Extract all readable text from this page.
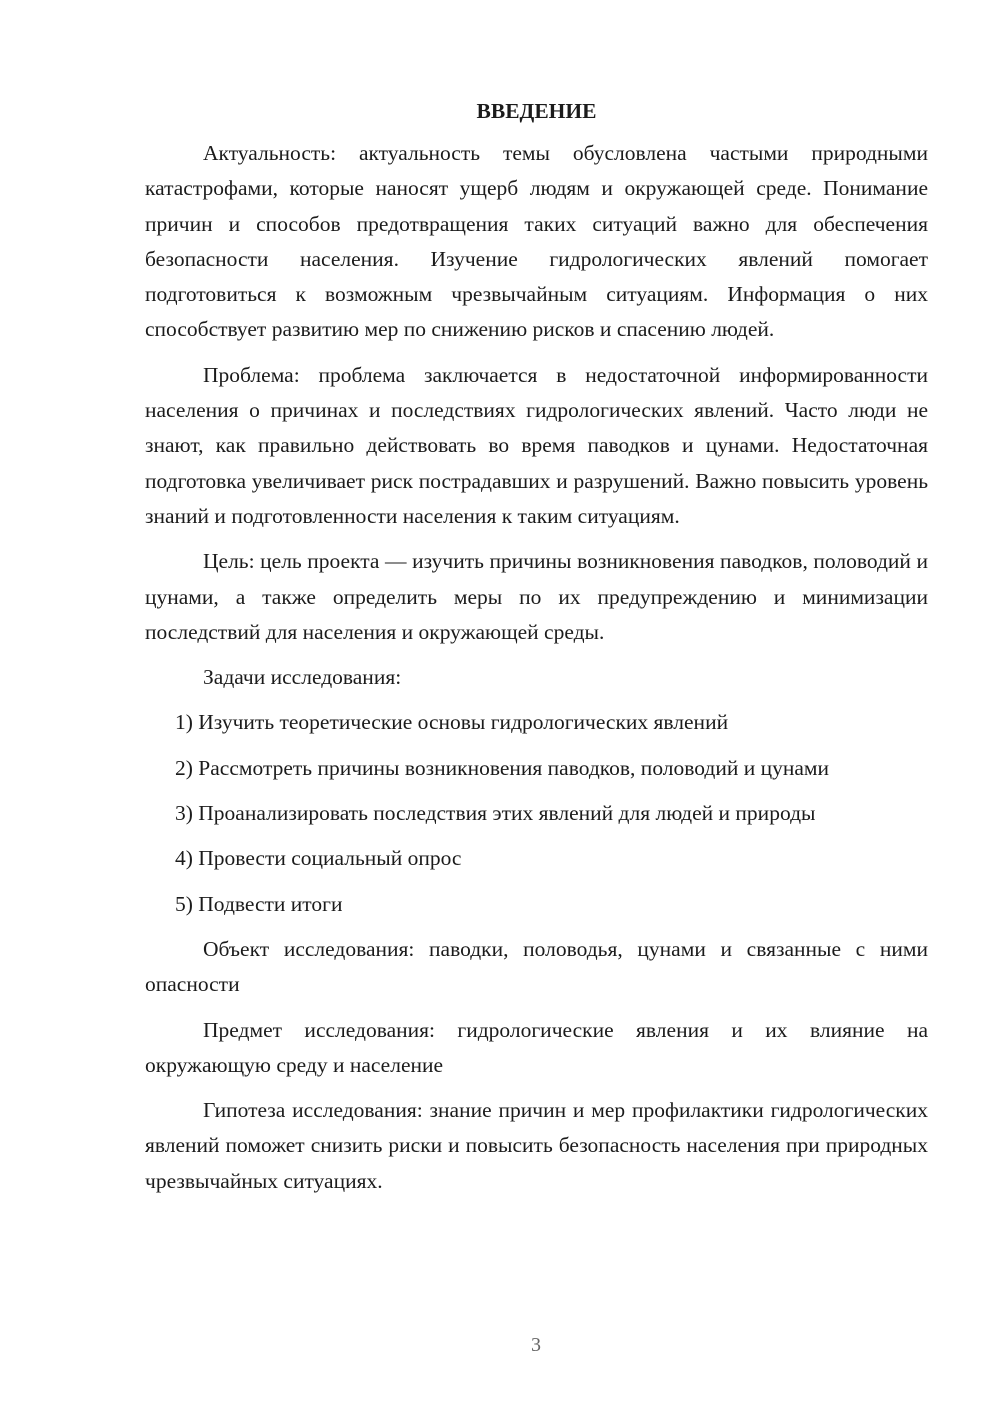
ВВЕДЕНИЕ

Актуальность: актуальность темы обусловлена частыми природными катастрофами, которые наносят ущерб людям и окружающей среде. Понимание причин и способов предотвращения таких ситуаций важно для обеспечения безопасности населения. Изучение гидрологических явлений помогает подготовиться к возможным чрезвычайным ситуациям. Информация о них способствует развитию мер по снижению рисков и спасению людей.

Проблема: проблема заключается в недостаточной информированности населения о причинах и последствиях гидрологических явлений. Часто люди не знают, как правильно действовать во время паводков и цунами. Недостаточная подготовка увеличивает риск пострадавших и разрушений. Важно повысить уровень знаний и подготовленности населения к таким ситуациям.

Цель: цель проекта — изучить причины возникновения паводков, половодий и цунами, а также определить меры по их предупреждению и минимизации последствий для населения и окружающей среды.

Задачи исследования:

1) Изучить теоретические основы гидрологических явлений

2) Рассмотреть причины возникновения паводков, половодий и цунами

3) Проанализировать последствия этих явлений для людей и природы

4) Провести социальный опрос

5) Подвести итоги

Объект исследования: паводки, половодья, цунами и связанные с ними опасности

Предмет исследования: гидрологические явления и их влияние на окружающую среду и население

Гипотеза исследования: знание причин и мер профилактики гидрологических явлений поможет снизить риски и повысить безопасность населения при природных чрезвычайных ситуациях.

3
